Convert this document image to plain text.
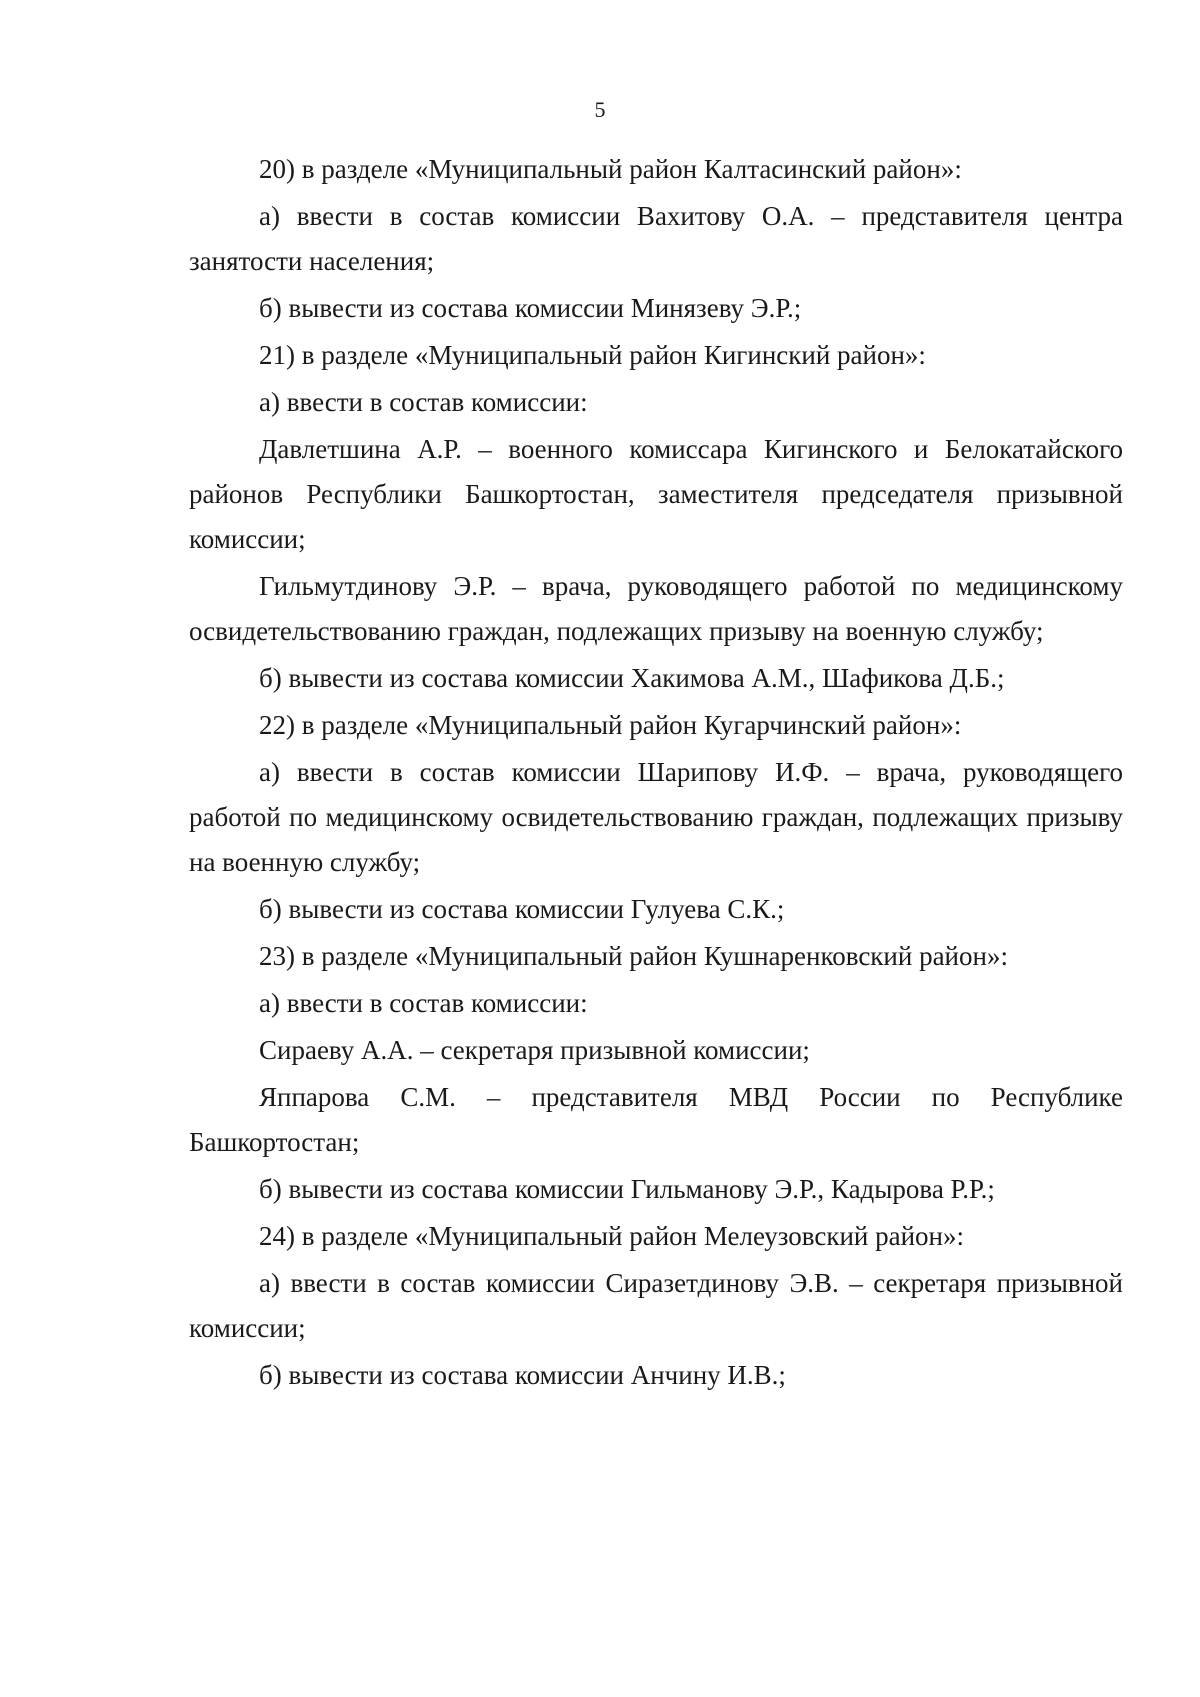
5

20) в разделе «Муниципальный район Калтасинский район»:

а) ввести в состав комиссии Вахитову О.А. – представителя центра занятости населения;

б) вывести из состава комиссии Минязеву Э.Р.;

21) в разделе «Муниципальный район Кигинский район»:

а) ввести в состав комиссии:

Давлетшина А.Р. – военного комиссара Кигинского и Белокатайского районов Республики Башкортостан, заместителя председателя призывной комиссии;

Гильмутдинову Э.Р. – врача, руководящего работой по медицинскому освидетельствованию граждан, подлежащих призыву на военную службу;

б) вывести из состава комиссии Хакимова А.М., Шафикова Д.Б.;

22) в разделе «Муниципальный район Кугарчинский район»:

а) ввести в состав комиссии Шарипову И.Ф. – врача, руководящего работой по медицинскому освидетельствованию граждан, подлежащих призыву на военную службу;

б) вывести из состава комиссии Гулуева С.К.;

23) в разделе «Муниципальный район Кушнаренковский район»:

а) ввести в состав комиссии:

Сираеву А.А. – секретаря призывной комиссии;

Яппарова С.М. – представителя МВД России по Республике Башкортостан;

б) вывести из состава комиссии Гильманову Э.Р., Кадырова Р.Р.;

24) в разделе «Муниципальный район Мелеузовский район»:

а) ввести в состав комиссии Сиразетдинову Э.В. – секретаря призывной комиссии;

б) вывести из состава комиссии Анчину И.В.;
